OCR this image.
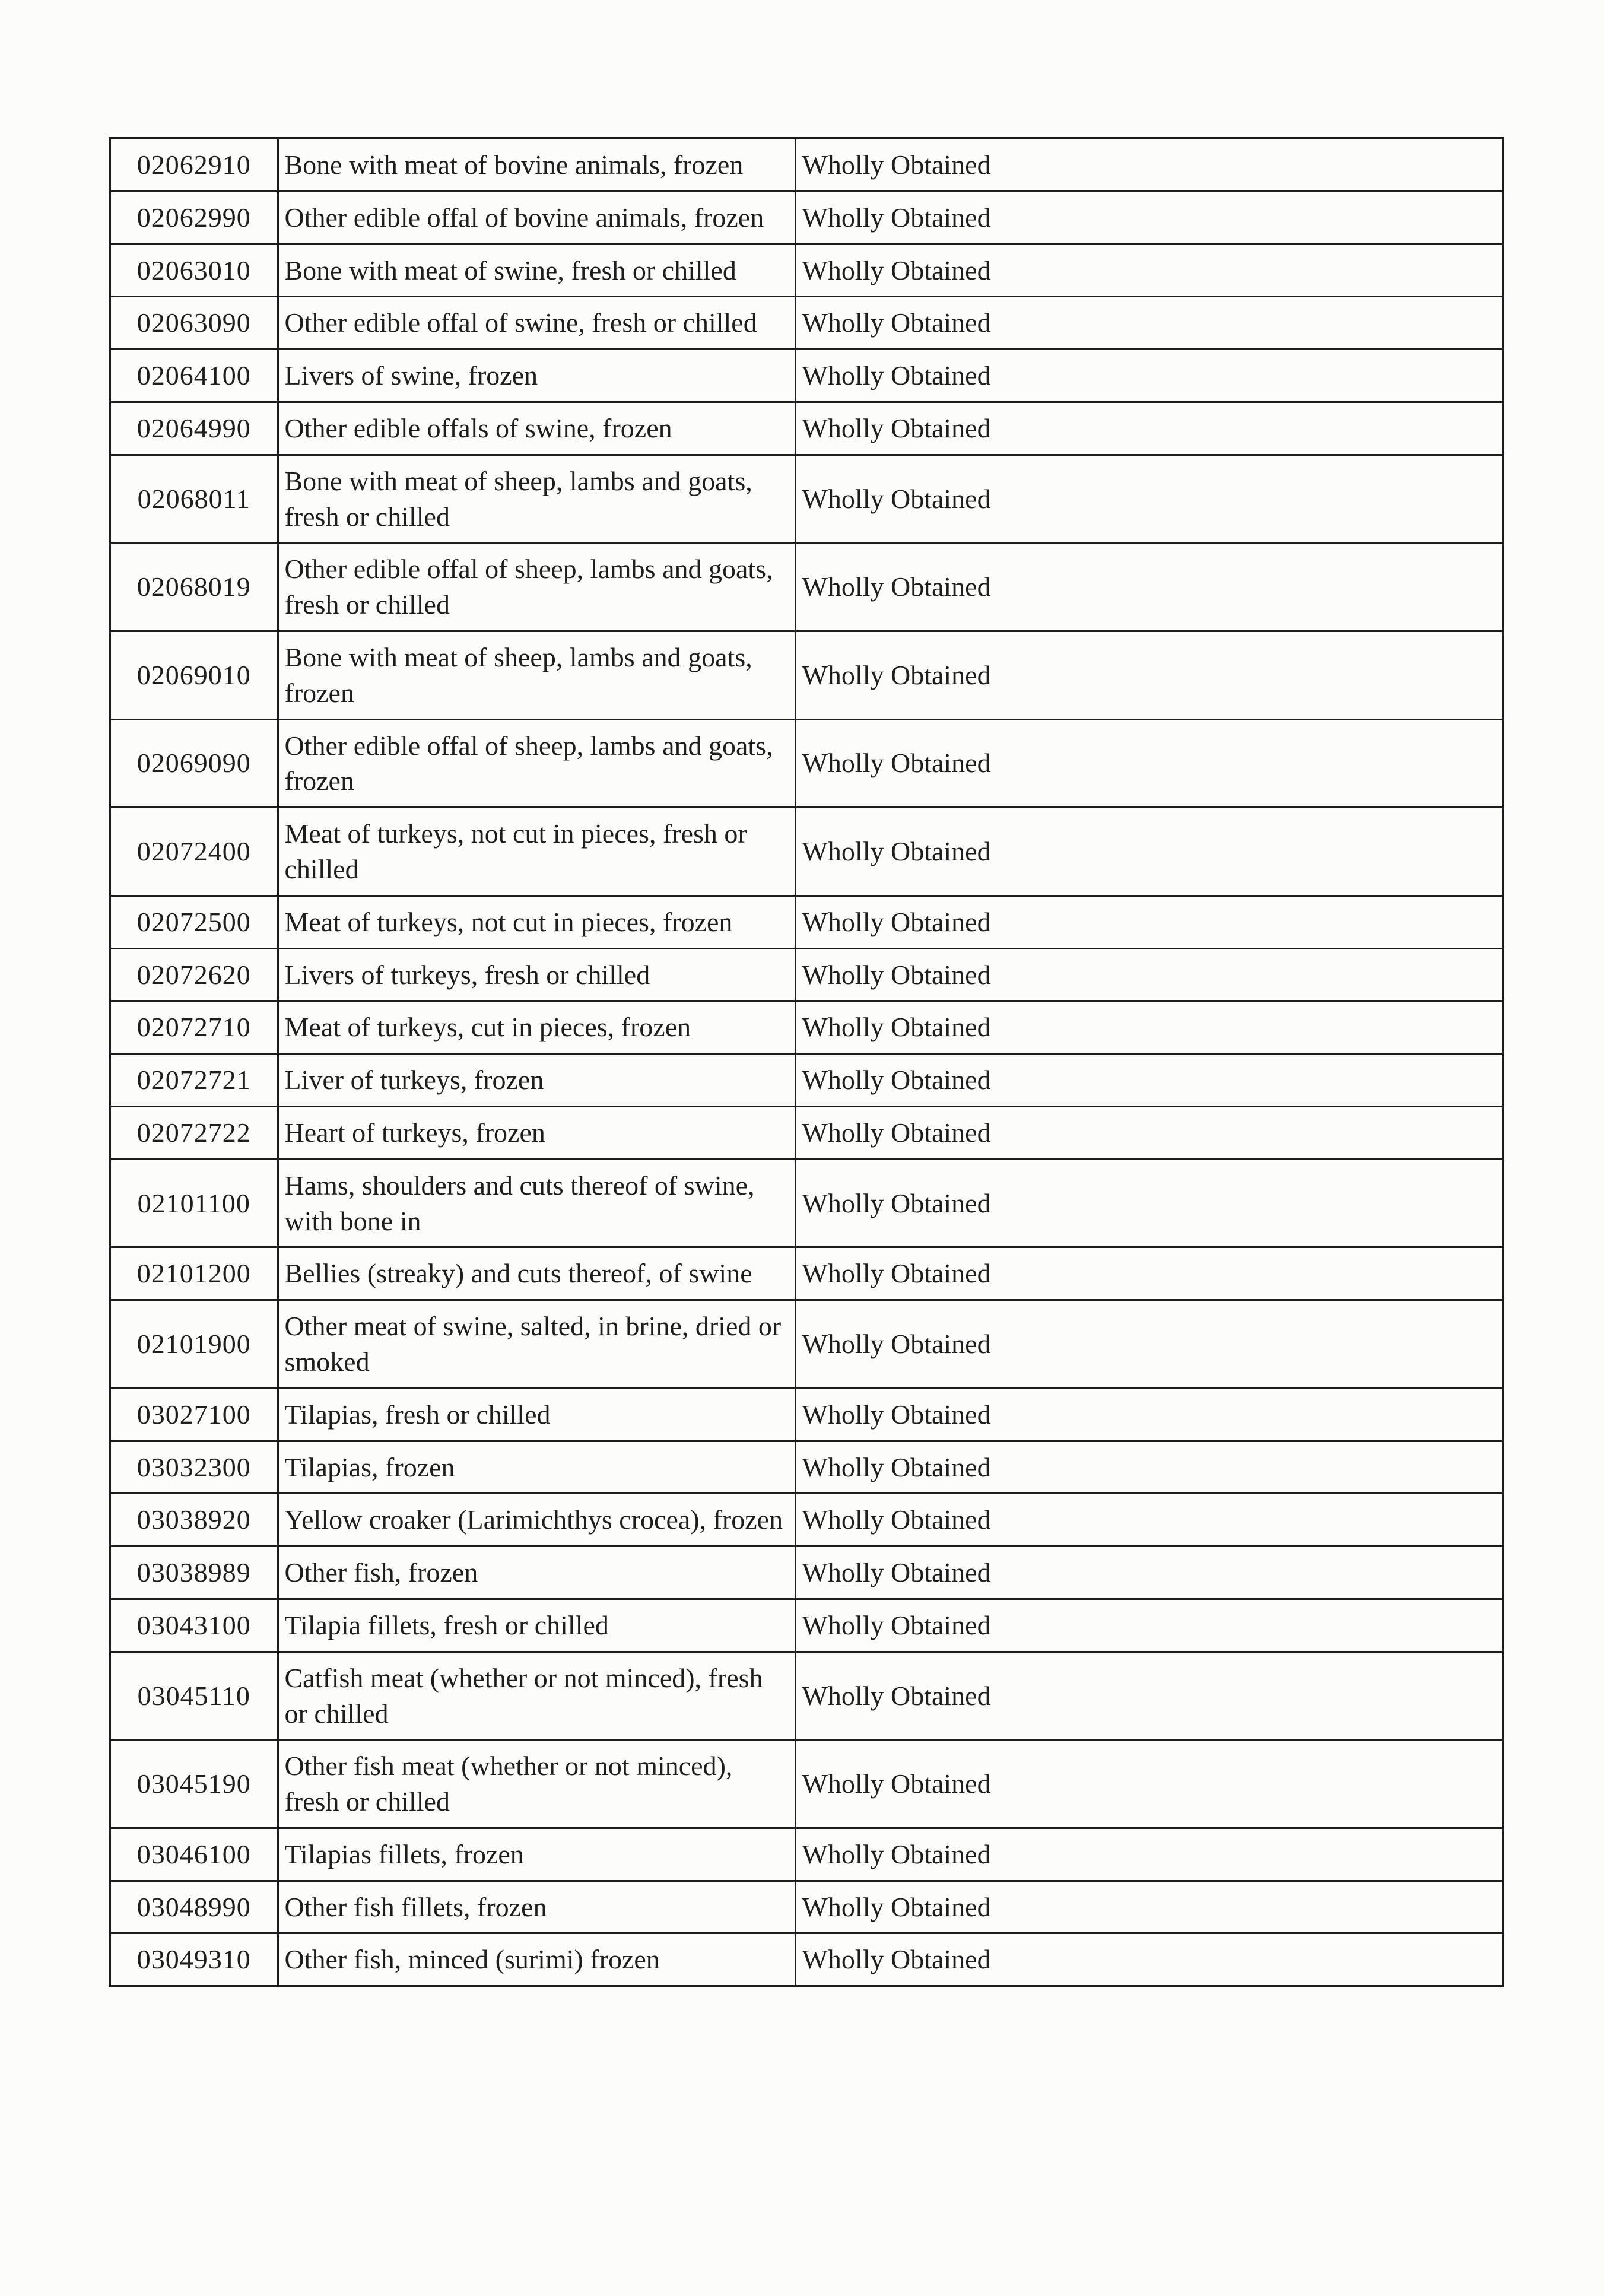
02062910	Bone with meat of bovine animals, frozen	Wholly Obtained
02062990	Other edible offal of bovine animals, frozen	Wholly Obtained
02063010	Bone with meat of swine, fresh or chilled	Wholly Obtained
02063090	Other edible offal of swine, fresh or chilled	Wholly Obtained
02064100	Livers of swine, frozen	Wholly Obtained
02064990	Other edible offals of swine, frozen	Wholly Obtained
02068011	Bone with meat of sheep, lambs and goats, fresh or chilled	Wholly Obtained
02068019	Other edible offal of sheep, lambs and goats, fresh or chilled	Wholly Obtained
02069010	Bone with meat of sheep, lambs and goats, frozen	Wholly Obtained
02069090	Other edible offal of sheep, lambs and goats, frozen	Wholly Obtained
02072400	Meat of turkeys, not cut in pieces, fresh or chilled	Wholly Obtained
02072500	Meat of turkeys, not cut in pieces, frozen	Wholly Obtained
02072620	Livers of turkeys, fresh or chilled	Wholly Obtained
02072710	Meat of turkeys, cut in pieces, frozen	Wholly Obtained
02072721	Liver of turkeys, frozen	Wholly Obtained
02072722	Heart of turkeys, frozen	Wholly Obtained
02101100	Hams, shoulders and cuts thereof of swine, with bone in	Wholly Obtained
02101200	Bellies (streaky) and cuts thereof, of swine	Wholly Obtained
02101900	Other meat of swine, salted, in brine, dried or smoked	Wholly Obtained
03027100	Tilapias, fresh or chilled	Wholly Obtained
03032300	Tilapias, frozen	Wholly Obtained
03038920	Yellow croaker (Larimichthys crocea), frozen	Wholly Obtained
03038989	Other fish, frozen	Wholly Obtained
03043100	Tilapia fillets, fresh or chilled	Wholly Obtained
03045110	Catfish meat (whether or not minced), fresh or chilled	Wholly Obtained
03045190	Other fish meat (whether or not minced), fresh or chilled	Wholly Obtained
03046100	Tilapias fillets, frozen	Wholly Obtained
03048990	Other fish fillets, frozen	Wholly Obtained
03049310	Other fish, minced (surimi) frozen	Wholly Obtained
